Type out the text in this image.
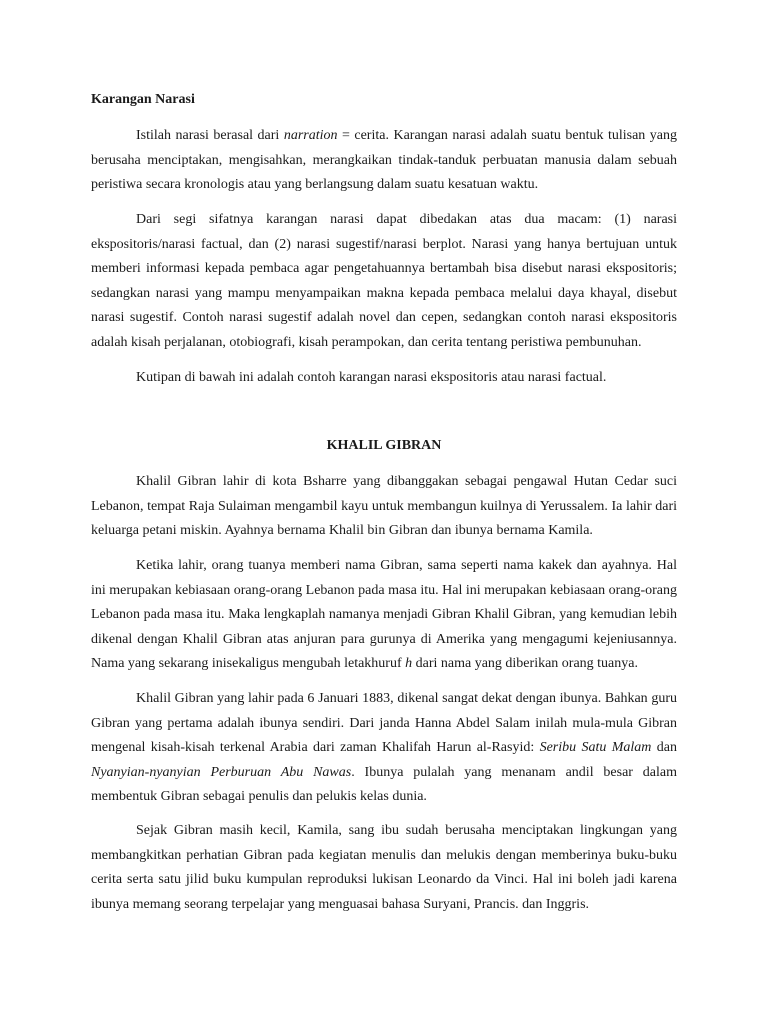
Karangan Narasi

Istilah narasi berasal dari narration = cerita. Karangan narasi adalah suatu bentuk tulisan yang berusaha menciptakan, mengisahkan, merangkaikan tindak-tanduk perbuatan manusia dalam sebuah peristiwa secara kronologis atau yang berlangsung dalam suatu kesatuan waktu.

Dari segi sifatnya karangan narasi dapat dibedakan atas dua macam: (1) narasi ekspositoris/narasi factual, dan (2) narasi sugestif/narasi berplot. Narasi yang hanya bertujuan untuk memberi informasi kepada pembaca agar pengetahuannya bertambah bisa disebut narasi ekspositoris; sedangkan narasi yang mampu menyampaikan makna kepada pembaca melalui daya khayal, disebut narasi sugestif. Contoh narasi sugestif adalah novel dan cepen, sedangkan contoh narasi ekspositoris adalah kisah perjalanan, otobiografi, kisah perampokan, dan cerita tentang peristiwa pembunuhan.

Kutipan di bawah ini adalah contoh karangan narasi ekspositoris atau narasi factual.

KHALIL GIBRAN

Khalil Gibran lahir di kota Bsharre yang dibanggakan sebagai pengawal Hutan Cedar suci Lebanon, tempat Raja Sulaiman mengambil kayu untuk membangun kuilnya di Yerussalem. Ia lahir dari keluarga petani miskin. Ayahnya bernama Khalil bin Gibran dan ibunya bernama Kamila.

Ketika lahir, orang tuanya memberi nama Gibran, sama seperti nama kakek dan ayahnya. Hal ini merupakan kebiasaan orang-orang Lebanon pada masa itu. Hal ini merupakan kebiasaan orang-orang Lebanon pada masa itu. Maka lengkaplah namanya menjadi Gibran Khalil Gibran, yang kemudian lebih dikenal dengan Khalil Gibran atas anjuran para gurunya di Amerika yang mengagumi kejeniusannya. Nama yang sekarang inisekaligus mengubah letakhuruf h dari nama yang diberikan orang tuanya.

Khalil Gibran yang lahir pada 6 Januari 1883, dikenal sangat dekat dengan ibunya. Bahkan guru Gibran yang pertama adalah ibunya sendiri. Dari janda Hanna Abdel Salam inilah mula-mula Gibran mengenal kisah-kisah terkenal Arabia dari zaman Khalifah Harun al-Rasyid: Seribu Satu Malam dan Nyanyian-nyanyian Perburuan Abu Nawas. Ibunya pulalah yang menanam andil besar dalam membentuk Gibran sebagai penulis dan pelukis kelas dunia.

Sejak Gibran masih kecil, Kamila, sang ibu sudah berusaha menciptakan lingkungan yang membangkitkan perhatian Gibran pada kegiatan menulis dan melukis dengan memberinya buku-buku cerita serta satu jilid buku kumpulan reproduksi lukisan Leonardo da Vinci. Hal ini boleh jadi karena ibunya memang seorang terpelajar yang menguasai bahasa Suryani, Prancis. dan Inggris.
